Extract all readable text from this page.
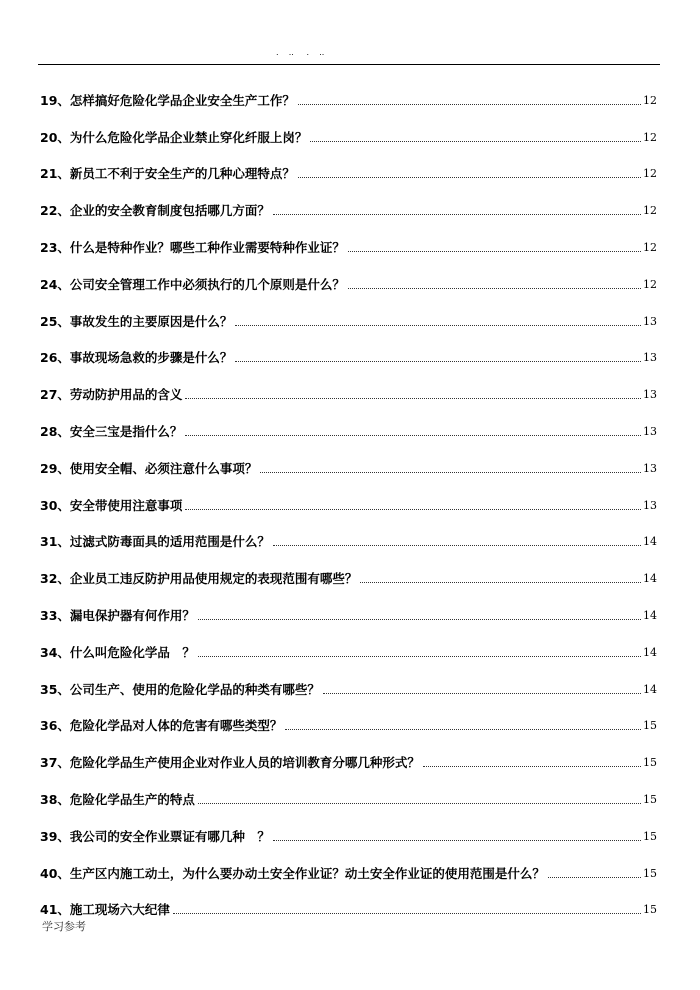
.    ..     .    ..
19、怎样搞好危险化学品企业安全生产工作？	12
20、为什么危险化学品企业禁止穿化纤服上岗？	12
21、新员工不利于安全生产的几种心理特点？	12
22、企业的安全教育制度包括哪几方面？	12
23、什么是特种作业？哪些工种作业需要特种作业证？	12
24、公司安全管理工作中必须执行的几个原则是什么？	12
25、事故发生的主要原因是什么？	13
26、事故现场急救的步骤是什么？	13
27、劳动防护用品的含义	13
28、安全三宝是指什么？	13
29、使用安全帽、必须注意什么事项？	13
30、安全带使用注意事项	13
31、过滤式防毒面具的适用范围是什么？	14
32、企业员工违反防护用品使用规定的表现范围有哪些？	14
33、漏电保护器有何作用？	14
34、什么叫危险化学品　？	14
35、公司生产、使用的危险化学品的种类有哪些？	14
36、危险化学品对人体的危害有哪些类型？	15
37、危险化学品生产使用企业对作业人员的培训教育分哪几种形式？	15
38、危险化学品生产的特点	15
39、我公司的安全作业票证有哪几种　？	15
40、生产区内施工动土，为什么要办动土安全作业证？动土安全作业证的使用范围是什么？	15
41、施工现场六大纪律	15
学习参考
